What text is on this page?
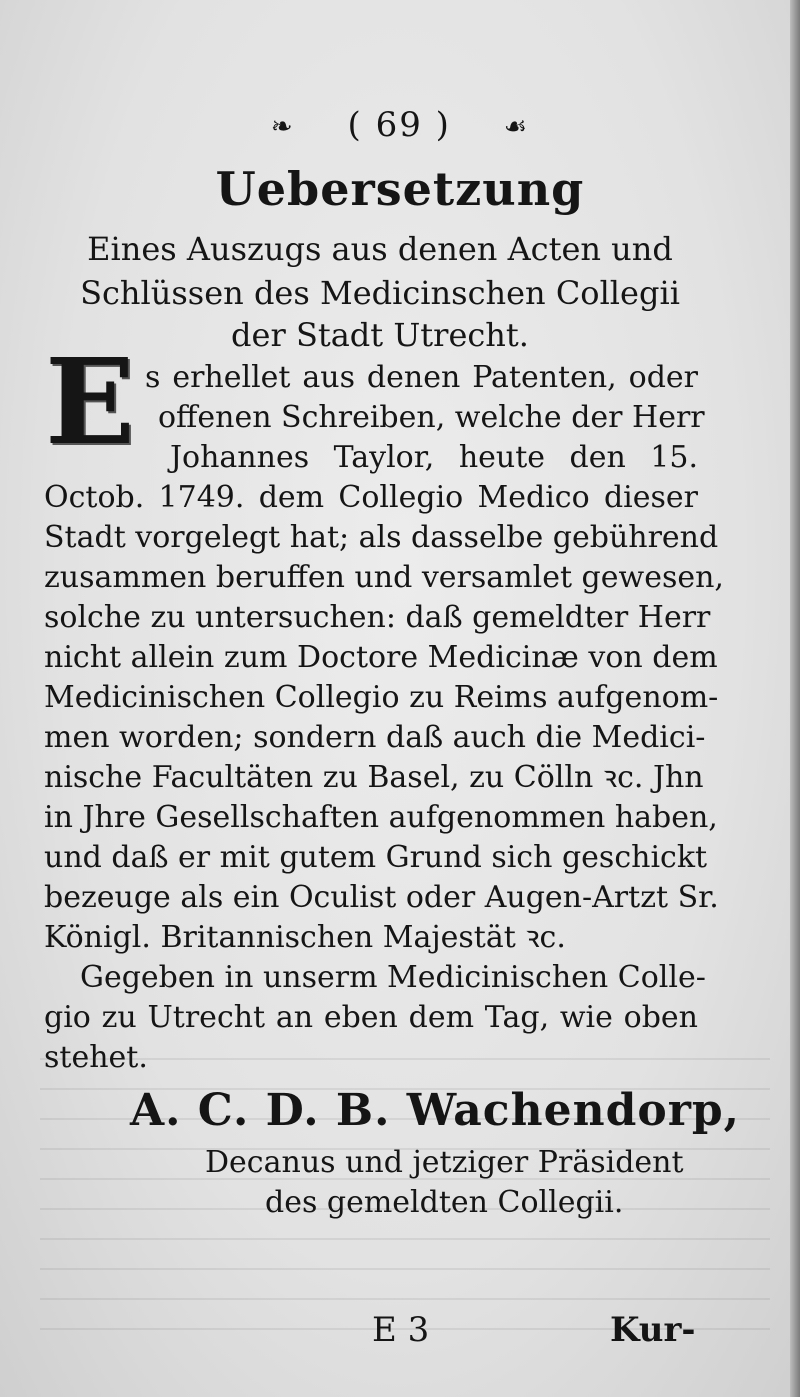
❧ ( 69 ) ☙
Uebersetzung
Eines Auszugs aus denen Acten und
Schlüssen des Medicinschen Collegii
der Stadt Utrecht.
E s erhellet aus denen Patenten, oder
offenen Schreiben, welche der Herr
Johannes Taylor, heute den 15.
Octob. 1749. dem Collegio Medico dieser
Stadt vorgelegt hat; als dasselbe gebührend
zusammen beruffen und versamlet gewesen,
solche zu untersuchen: daß gemeldter Herr
nicht allein zum Doctore Medicinæ von dem
Medicinischen Collegio zu Reims aufgenom-
men worden; sondern daß auch die Medici-
nische Facultäten zu Basel, zu Cölln ꝛc. Jhn
in Jhre Gesellschaften aufgenommen haben,
und daß er mit gutem Grund sich geschickt
bezeuge als ein Oculist oder Augen-Artzt Sr.
Königl. Britannischen Majestät ꝛc.
Gegeben in unserm Medicinischen Colle-
gio zu Utrecht an eben dem Tag, wie oben
stehet.
A. C. D. B. Wachendorp,
Decanus und jetziger Präsident
des gemeldten Collegii.
E 3	Kur-
